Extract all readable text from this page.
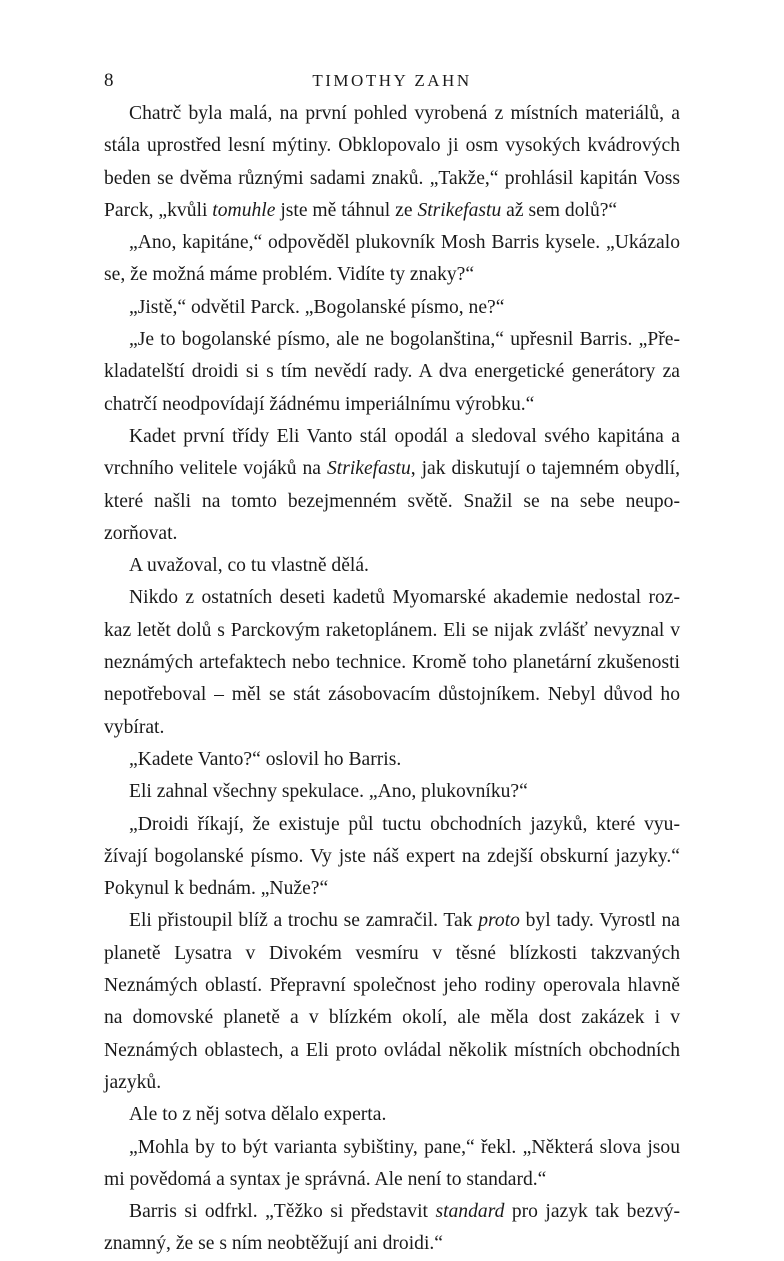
8	TIMOTHY ZAHN

Chatrč byla malá, na první pohled vyrobená z místních materiálů, a stála uprostřed lesní mýtiny. Obklopovalo ji osm vysokých kvádrových beden se dvěma různými sadami znaků. „Takže,“ prohlásil kapitán Voss Parck, „kvůli tomuhle jste mě táhnul ze Strikefastu až sem dolů?“

„Ano, kapitáne,“ odpověděl plukovník Mosh Barris kysele. „Ukázalo se, že možná máme problém. Vidíte ty znaky?“

„Jistě,“ odvětil Parck. „Bogolanské písmo, ne?“

„Je to bogolanské písmo, ale ne bogolanština,“ upřesnil Barris. „Překladatelští droidi si s tím nevědí rady. A dva energetické generátory za chatrčí neodpovídají žádnému imperiálnímu výrobku.“

Kadet první třídy Eli Vanto stál opodál a sledoval svého kapitána a vrchního velitele vojáků na Strikefastu, jak diskutují o tajemném obydlí, které našli na tomto bezejmenném světě. Snažil se na sebe neupozorňovat.

A uvažoval, co tu vlastně dělá.

Nikdo z ostatních deseti kadetů Myomarské akademie nedostal rozkaz letět dolů s Parckovým raketoplánem. Eli se nijak zvlášť nevyznal v neznámých artefaktech nebo technice. Kromě toho planetární zkušenosti nepotřeboval – měl se stát zásobovacím důstojníkem. Nebyl důvod ho vybírat.

„Kadete Vanto?“ oslovil ho Barris.

Eli zahnal všechny spekulace. „Ano, plukovníku?“

„Droidi říkají, že existuje půl tuctu obchodních jazyků, které využívají bogolanské písmo. Vy jste náš expert na zdejší obskurní jazyky.“ Pokynul k bednám. „Nuže?“

Eli přistoupil blíž a trochu se zamračil. Tak proto byl tady. Vyrostl na planetě Lysatra v Divokém vesmíru v těsné blízkosti takzvaných Neznámých oblastí. Přepravní společnost jeho rodiny operovala hlavně na domovské planetě a v blízkém okolí, ale měla dost zakázek i v Neznámých oblastech, a Eli proto ovládal několik místních obchodních jazyků.

Ale to z něj sotva dělalo experta.

„Mohla by to být varianta sybištiny, pane,“ řekl. „Některá slova jsou mi povědomá a syntax je správná. Ale není to standard.“

Barris si odfrkl. „Těžko si představit standard pro jazyk tak bezvýznamný, že se s ním neobtěžují ani droidi.“
